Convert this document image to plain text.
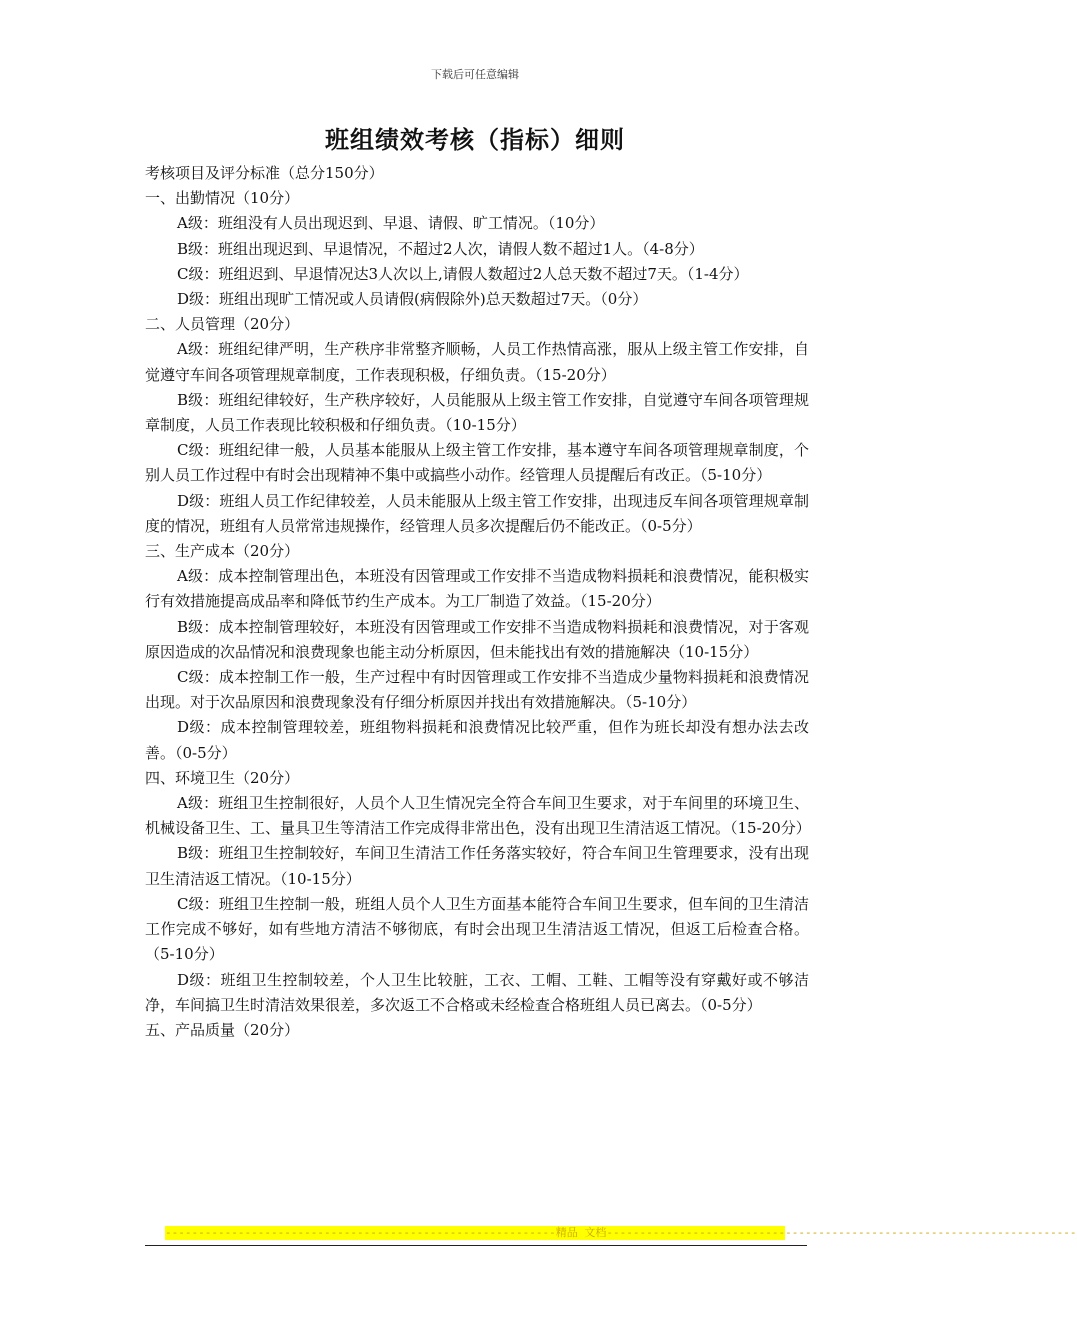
下载后可任意编辑
班组绩效考核（指标）细则
考核项目及评分标准（总分150分）
一、出勤情况（10分）
A级：班组没有人员出现迟到、早退、请假、旷工情况。（10分）
B级：班组出现迟到、早退情况，不超过2人次，请假人数不超过1人。（4-8分）
C级：班组迟到、早退情况达3人次以上,请假人数超过2人总天数不超过7天。（1-4分）
D级：班组出现旷工情况或人员请假(病假除外)总天数超过7天。（0分）
二、人员管理（20分）
A级：班组纪律严明，生产秩序非常整齐顺畅，人员工作热情高涨，服从上级主管工作安排，自觉遵守车间各项管理规章制度，工作表现积极，仔细负责。（15-20分）
B级：班组纪律较好，生产秩序较好，人员能服从上级主管工作安排，自觉遵守车间各项管理规章制度，人员工作表现比较积极和仔细负责。（10-15分）
C级：班组纪律一般，人员基本能服从上级主管工作安排，基本遵守车间各项管理规章制度，个别人员工作过程中有时会出现精神不集中或搞些小动作。经管理人员提醒后有改正。（5-10分）
D级：班组人员工作纪律较差，人员未能服从上级主管工作安排，出现违反车间各项管理规章制度的情况，班组有人员常常违规操作，经管理人员多次提醒后仍不能改正。（0-5分）
三、生产成本（20分）
A级：成本控制管理出色，本班没有因管理或工作安排不当造成物料损耗和浪费情况，能积极实行有效措施提高成品率和降低节约生产成本。为工厂制造了效益。（15-20分）
B级：成本控制管理较好，本班没有因管理或工作安排不当造成物料损耗和浪费情况，对于客观原因造成的次品情况和浪费现象也能主动分析原因，但未能找出有效的措施解决（10-15分）
C级：成本控制工作一般，生产过程中有时因管理或工作安排不当造成少量物料损耗和浪费情况出现。对于次品原因和浪费现象没有仔细分析原因并找出有效措施解决。（5-10分）
D级：成本控制管理较差，班组物料损耗和浪费情况比较严重，但作为班长却没有想办法去改善。（0-5分）
四、环境卫生（20分）
A级：班组卫生控制很好，人员个人卫生情况完全符合车间卫生要求，对于车间里的环境卫生、机械设备卫生、工、量具卫生等清洁工作完成得非常出色，没有出现卫生清洁返工情况。（15-20分）
B级：班组卫生控制较好，车间卫生清洁工作任务落实较好，符合车间卫生管理要求，没有出现卫生清洁返工情况。（10-15分）
C级：班组卫生控制一般，班组人员个人卫生方面基本能符合车间卫生要求，但车间的卫生清洁工作完成不够好，如有些地方清洁不够彻底，有时会出现卫生清洁返工情况，但返工后检查合格。（5-10分）
D级：班组卫生控制较差，个人卫生比较脏，工衣、工帽、工鞋、工帽等没有穿戴好或不够洁净，车间搞卫生时清洁效果很差，多次返工不合格或未经检查合格班组人员已离去。（0-5分）
五、产品质量（20分）
-----------------------------------------------------------精品 文档-----------------------------------------------------------------------
